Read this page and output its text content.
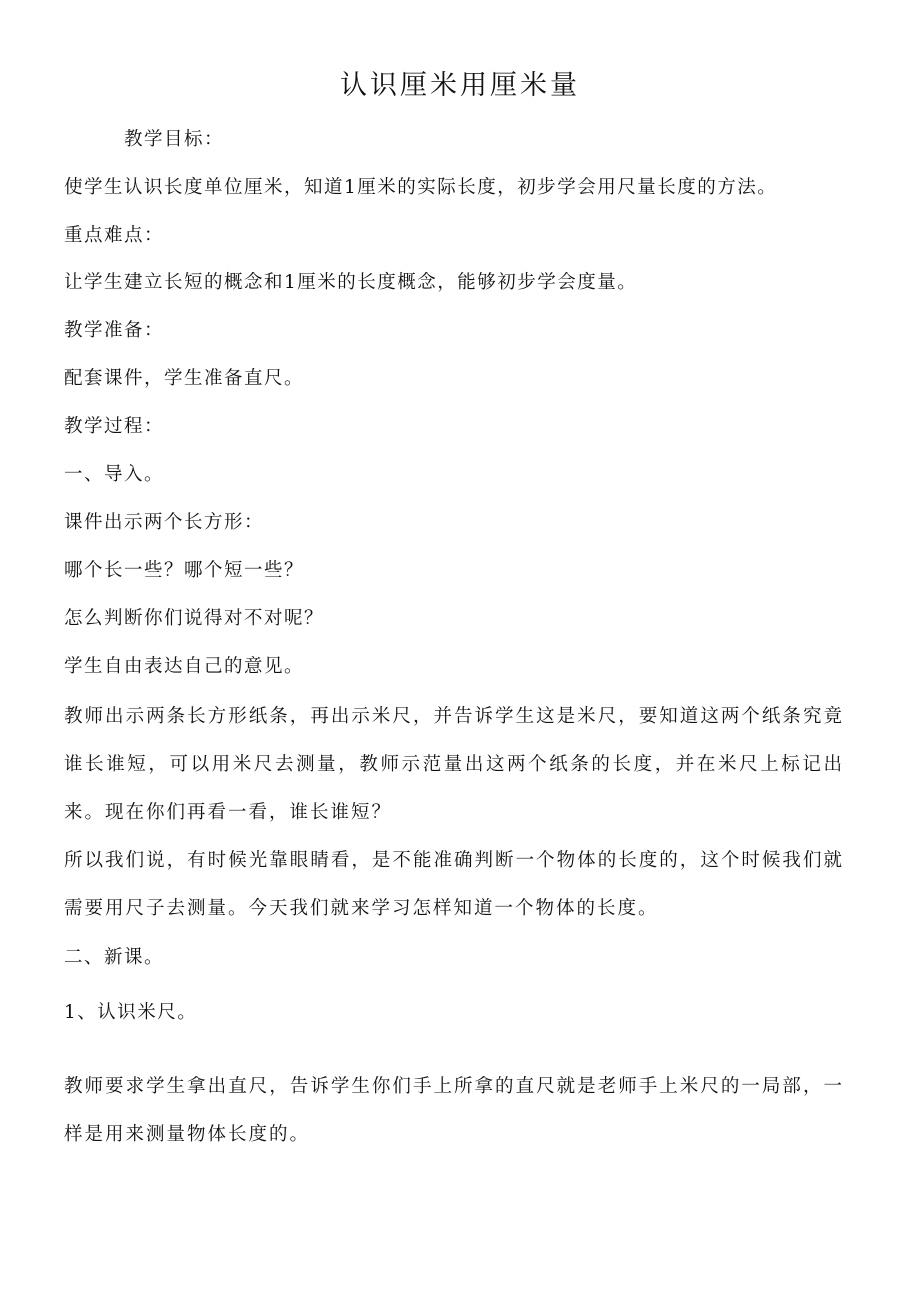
认识厘米用厘米量
教学目标：
使学生认识长度单位厘米，知道1厘米的实际长度，初步学会用尺量长度的方法。
重点难点：
让学生建立长短的概念和1厘米的长度概念，能够初步学会度量。
教学准备：
配套课件，学生准备直尺。
教学过程：
一、导入。
课件出示两个长方形：
哪个长一些？哪个短一些？
怎么判断你们说得对不对呢？
学生自由表达自己的意见。
教师出示两条长方形纸条，再出示米尺，并告诉学生这是米尺，要知道这两个纸条究竟谁长谁短，可以用米尺去测量，教师示范量出这两个纸条的长度，并在米尺上标记出来。现在你们再看一看，谁长谁短？
所以我们说，有时候光靠眼睛看，是不能准确判断一个物体的长度的，这个时候我们就需要用尺子去测量。今天我们就来学习怎样知道一个物体的长度。
二、新课。
1、认识米尺。
教师要求学生拿出直尺，告诉学生你们手上所拿的直尺就是老师手上米尺的一局部，一样是用来测量物体长度的。
